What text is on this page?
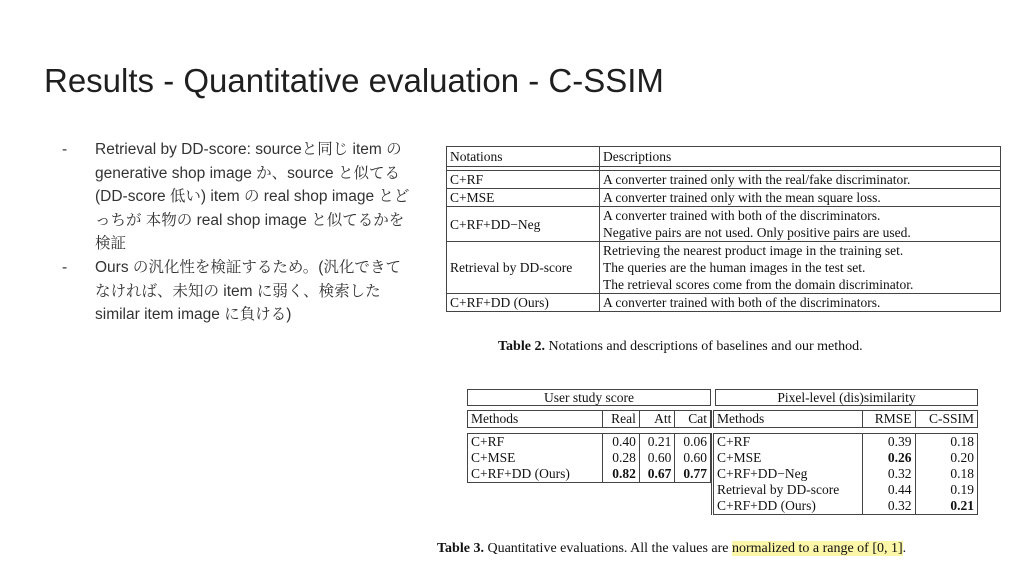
Results - Quantitative evaluation - C-SSIM
-	Retrieval by DD-score: sourceと同じ item の generative shop image か、source と似てる (DD-score 低い) item の real shop image とどっちが 本物の real shop image と似てるかを検証
-	Ours の汎化性を検証するため。(汎化できてなければ、未知の item に弱く、検索した similar item image に負ける)
Notations	Descriptions

C+RF	A converter trained only with the real/fake discriminator.

C+MSE	A converter trained only with the mean square loss.

C+RF+DD−Neg	A converter trained with both of the discriminators.
Negative pairs are not used. Only positive pairs are used.

Retrieval by DD-score	Retrieving the nearest product image in the training set.
The queries are the human images in the test set.
The retrieval scores come from the domain discriminator.

C+RF+DD (Ours)	A converter trained with both of the discriminators.
Table 2. Notations and descriptions of baselines and our method.
User study score	Pixel-level (dis)similarity
Methods	Real	Att	Cat

C+RF	0.40	0.21	0.06
C+MSE	0.28	0.60	0.60
C+RF+DD (Ours)	0.82	0.67	0.77

Methods	RMSE	C-SSIM

C+RF	0.39	0.18
C+MSE	0.26	0.20
C+RF+DD−Neg	0.32	0.18
Retrieval by DD-score	0.44	0.19
C+RF+DD (Ours)	0.32	0.21
Table 3. Quantitative evaluations. All the values are normalized to a range of [0, 1].
